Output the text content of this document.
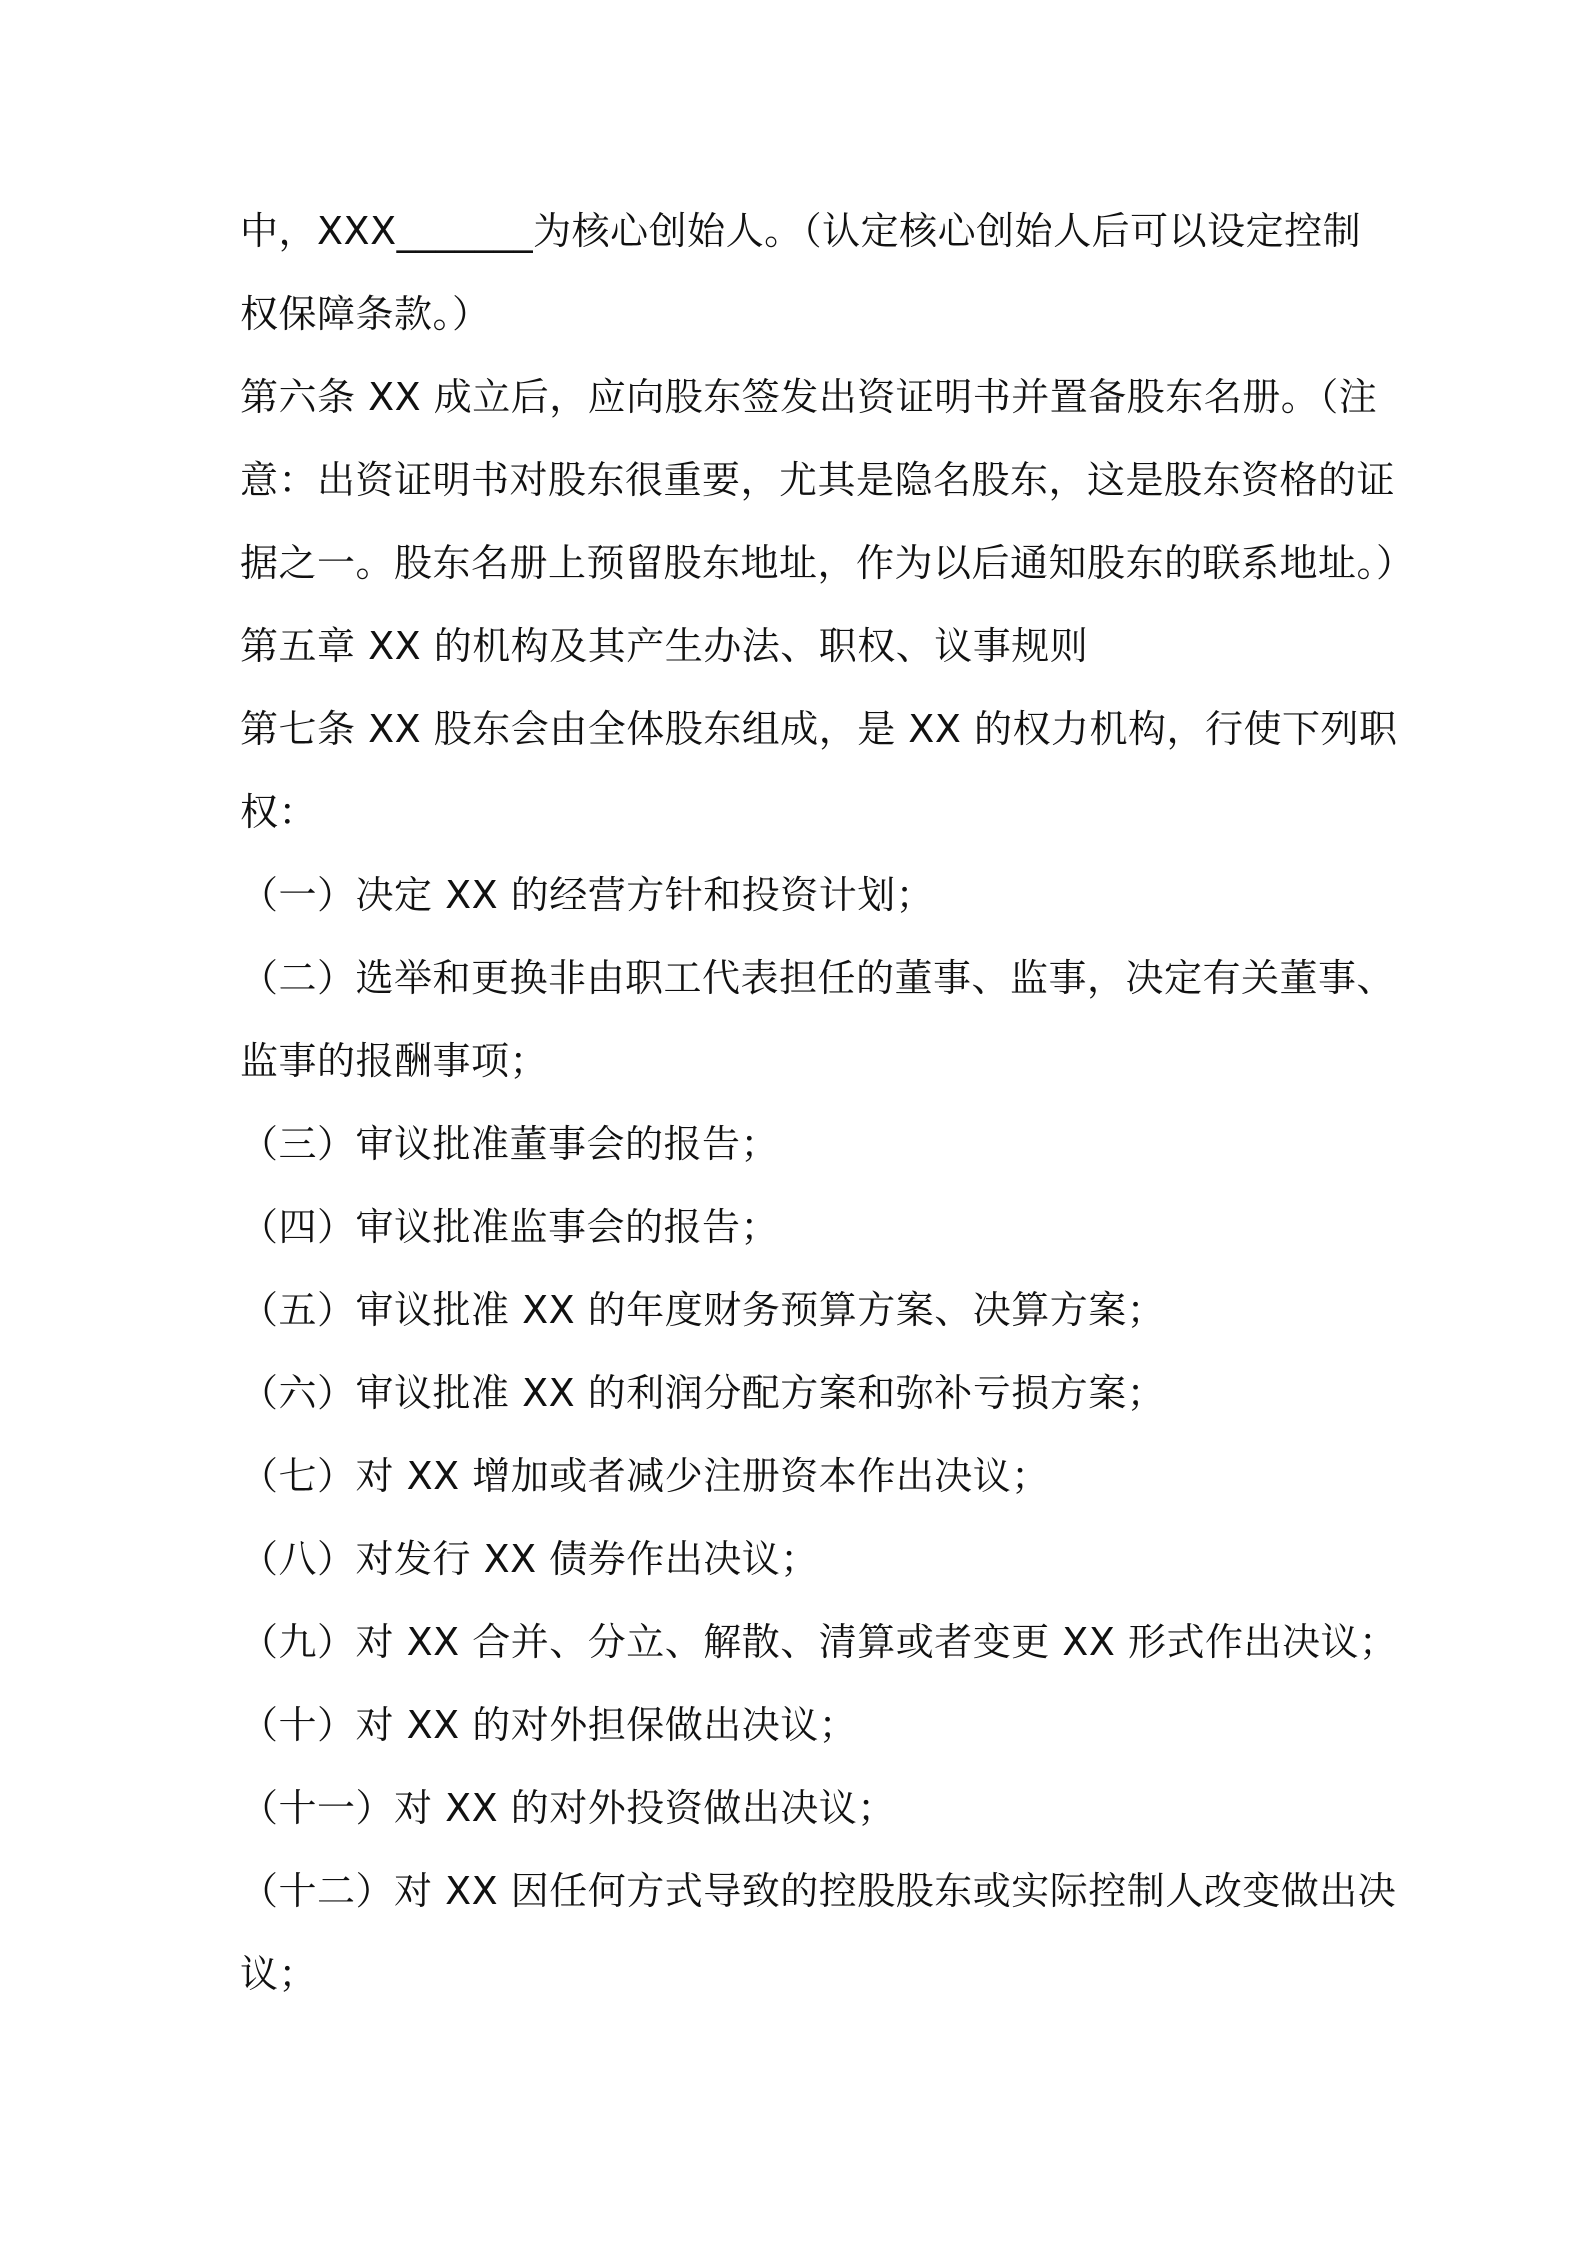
中，XXX_______为核心创始人。（认定核心创始人后可以设定控制
权保障条款。）
第六条 XX 成立后，应向股东签发出资证明书并置备股东名册。（注
意：出资证明书对股东很重要，尤其是隐名股东，这是股东资格的证
据之一。股东名册上预留股东地址，作为以后通知股东的联系地址。）
第五章 XX 的机构及其产生办法、职权、议事规则
第七条 XX 股东会由全体股东组成，是 XX 的权力机构，行使下列职
权：
（一）决定 XX 的经营方针和投资计划；
（二）选举和更换非由职工代表担任的董事、监事，决定有关董事、
监事的报酬事项；
（三）审议批准董事会的报告；
（四）审议批准监事会的报告；
（五）审议批准 XX 的年度财务预算方案、决算方案；
（六）审议批准 XX 的利润分配方案和弥补亏损方案；
（七）对 XX 增加或者减少注册资本作出决议；
（八）对发行 XX 债券作出决议；
（九）对 XX 合并、分立、解散、清算或者变更 XX 形式作出决议；
（十）对 XX 的对外担保做出决议；
（十一）对 XX 的对外投资做出决议；
（十二）对 XX 因任何方式导致的控股股东或实际控制人改变做出决
议；
